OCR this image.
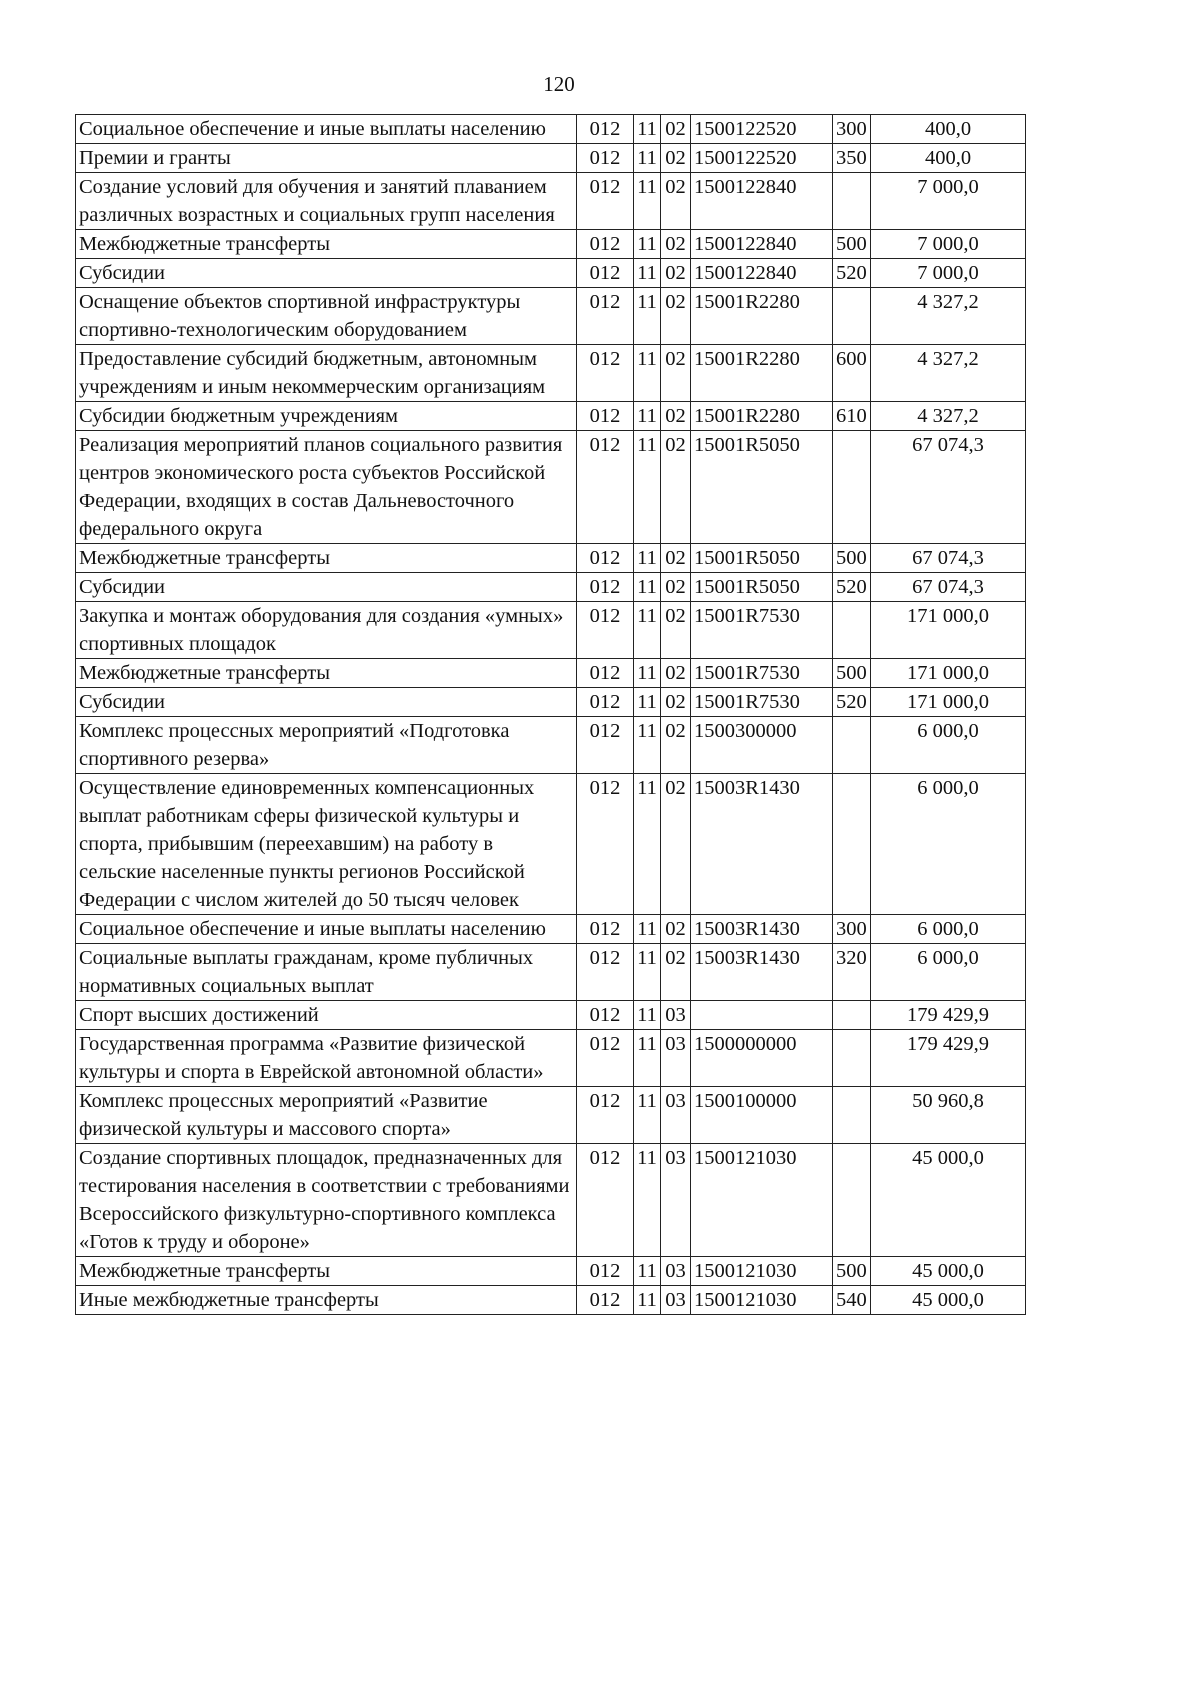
120
Социальное обеспечение и иные выплаты населению	012	11	02	1500122520	300	400,0
Премии и гранты	012	11	02	1500122520	350	400,0
Создание условий для обучения и занятий плаванием различных возрастных и социальных групп населения	012	11	02	1500122840		7 000,0
Межбюджетные трансферты	012	11	02	1500122840	500	7 000,0
Субсидии	012	11	02	1500122840	520	7 000,0
Оснащение объектов спортивной инфраструктуры спортивно-технологическим оборудованием	012	11	02	15001R2280		4 327,2
Предоставление субсидий бюджетным, автономным учреждениям и иным некоммерческим организациям	012	11	02	15001R2280	600	4 327,2
Субсидии бюджетным учреждениям	012	11	02	15001R2280	610	4 327,2
Реализация мероприятий планов социального развития центров экономического роста субъектов Российской Федерации, входящих в состав Дальневосточного федерального округа	012	11	02	15001R5050		67 074,3
Межбюджетные трансферты	012	11	02	15001R5050	500	67 074,3
Субсидии	012	11	02	15001R5050	520	67 074,3
Закупка и монтаж оборудования для создания «умных» спортивных площадок	012	11	02	15001R7530		171 000,0
Межбюджетные трансферты	012	11	02	15001R7530	500	171 000,0
Субсидии	012	11	02	15001R7530	520	171 000,0
Комплекс процессных мероприятий «Подготовка спортивного резерва»	012	11	02	1500300000		6 000,0
Осуществление единовременных компенсационных выплат работникам сферы физической культуры и спорта, прибывшим (переехавшим) на работу в сельские населенные пункты регионов Российской Федерации с числом жителей до 50 тысяч человек	012	11	02	15003R1430		6 000,0
Социальное обеспечение и иные выплаты населению	012	11	02	15003R1430	300	6 000,0
Социальные выплаты гражданам, кроме публичных нормативных социальных выплат	012	11	02	15003R1430	320	6 000,0
Спорт высших достижений	012	11	03			179 429,9
Государственная программа «Развитие физической культуры и спорта в Еврейской автономной области»	012	11	03	1500000000		179 429,9
Комплекс процессных мероприятий «Развитие физической культуры и массового спорта»	012	11	03	1500100000		50 960,8
Создание спортивных площадок, предназначенных для тестирования населения в соответствии с требованиями Всероссийского физкультурно-спортивного комплекса «Готов к труду и обороне»	012	11	03	1500121030		45 000,0
Межбюджетные трансферты	012	11	03	1500121030	500	45 000,0
Иные межбюджетные трансферты	012	11	03	1500121030	540	45 000,0
